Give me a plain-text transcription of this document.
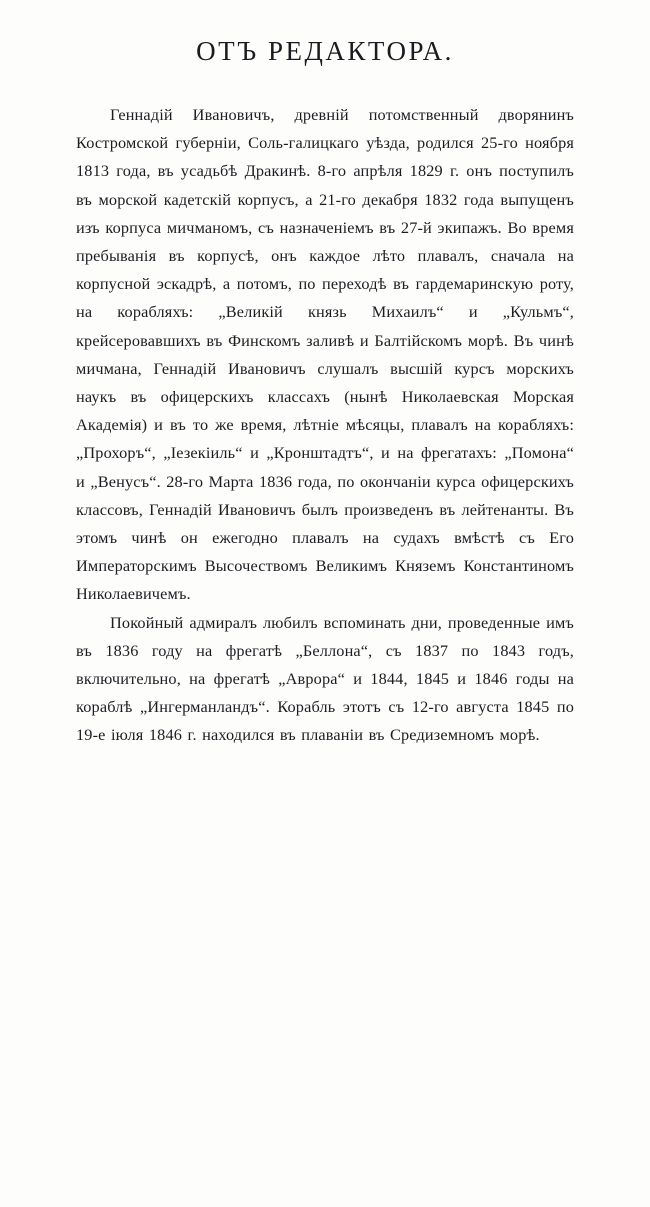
ОТЪ РЕДАКТОРА.

Геннадій Ивановичъ, древній потомственный дворянинъ Костромской губерніи, Соль-галицкаго уѣзда, родился 25-го ноября 1813 года, въ усадьбѣ Дракинѣ. 8-го апрѣля 1829 г. онъ поступилъ въ морской кадетскій корпусъ, а 21-го декабря 1832 года выпущенъ изъ корпуса мичманомъ, съ назначеніемъ въ 27-й экипажъ. Во время пребыванія въ корпусѣ, онъ каждое лѣто плавалъ, сначала на корпусной эскадрѣ, а потомъ, по переходѣ въ гардемаринскую роту, на корабляхъ: „Великій князь Михаилъ“ и „Кульмъ“, крейсеровавшихъ въ Финскомъ заливѣ и Балтійскомъ морѣ. Въ чинѣ мичмана, Геннадій Ивановичъ слушалъ высшій курсъ морскихъ наукъ въ офицерскихъ классахъ (нынѣ Николаевская Морская Академія) и въ то же время, лѣтніе мѣсяцы, плавалъ на корабляхъ: „Прохоръ“, „Іезекіиль“ и „Кронштадтъ“, и на фрегатахъ: „Помона“ и „Венусъ“. 28-го Марта 1836 года, по окончаніи курса офицерскихъ классовъ, Геннадій Ивановичъ былъ произведенъ въ лейтенанты. Въ этомъ чинѣ он ежегодно плавалъ на судахъ вмѣстѣ съ Его Императорскимъ Высочествомъ Великимъ Княземъ Константиномъ Николаевичемъ.

Покойный адмиралъ любилъ вспоминать дни, проведенные имъ въ 1836 году на фрегатѣ „Беллона“, съ 1837 по 1843 годъ, включительно, на фрегатѣ „Аврора“ и 1844, 1845 и 1846 годы на кораблѣ „Ингерманландъ“. Корабль этотъ съ 12-го августа 1845 по 19-е іюля 1846 г. находился въ плаваніи въ Средиземномъ морѣ.
